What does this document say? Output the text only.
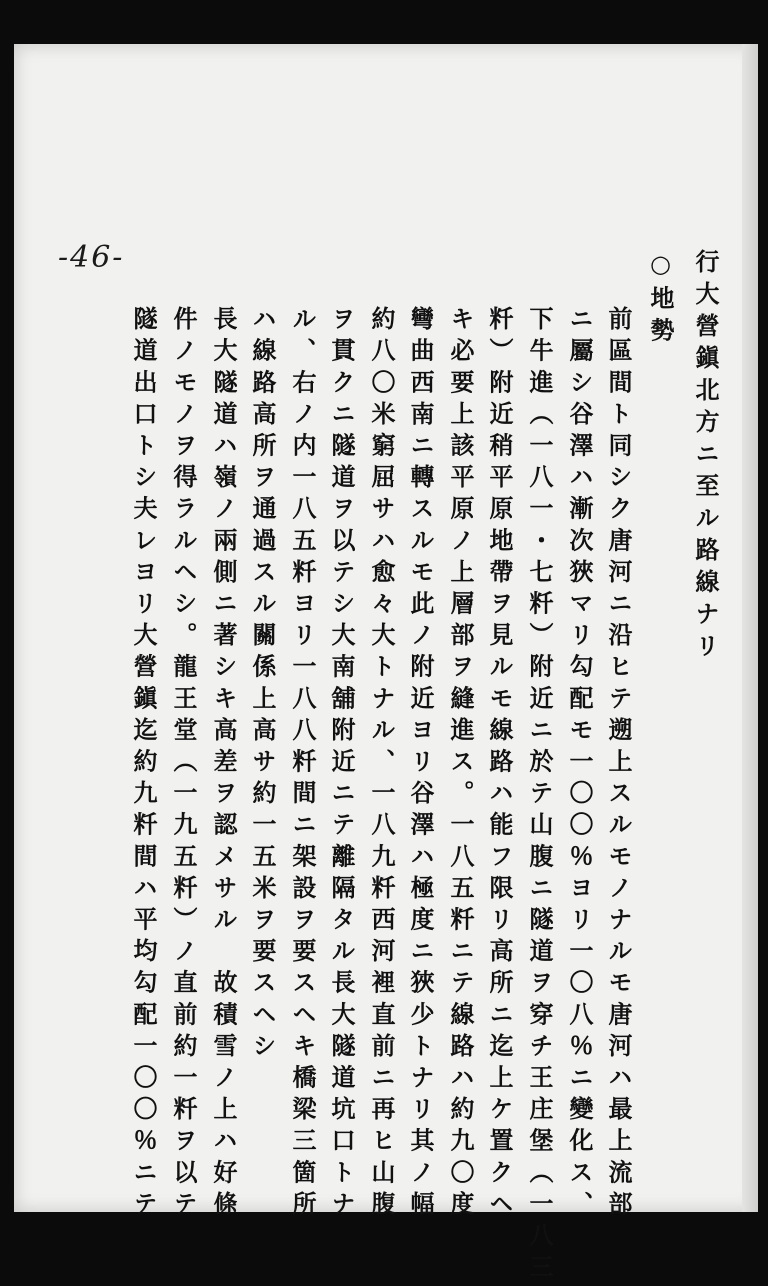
-46-	行大營鎭北方ニ至ル路線ナリ
○地勢
前區間ト同シク唐河ニ沿ヒテ遡上スルモノナルモ唐河ハ最上流部
ニ屬シ谷澤ハ漸次狹マリ勾配モ一〇〇％ヨリ一〇八％ニ變化ス、
下牛進（一八一・七粁）附近ニ於テ山腹ニ隧道ヲ穿チ王庄堡（一八三
粁）附近稍平原地帶ヲ見ルモ線路ハ能フ限リ高所ニ迄上ケ置クヘ
キ必要上該平原ノ上層部ヲ縫進ス。一八五粁ニテ線路ハ約九〇度
彎曲西南ニ轉スルモ此ノ附近ヨリ谷澤ハ極度ニ狹少トナリ其ノ幅
約八〇米窮屈サハ愈々大トナル、一八九粁西河裡直前ニ再ヒ山腹
ヲ貫クニ隧道ヲ以テシ大南舖附近ニテ離隔タル長大隧道坑口トナ
ル、右ノ内一八五粁ヨリ一八八粁間ニ架設ヲ要スヘキ橋梁三箇所
ハ線路高所ヲ通過スル關係上高サ約一五米ヲ要スヘシ
長大隧道ハ嶺ノ兩側ニ著シキ高差ヲ認メサル　故積雪ノ上ハ好條
件ノモノヲ得ラルヘシ。龍王堂（一九五粁）ノ直前約一粁ヲ以テ
隧道出口トシ夫レヨリ大營鎭迄約九粁間ハ平均勾配一〇〇％ニテ
